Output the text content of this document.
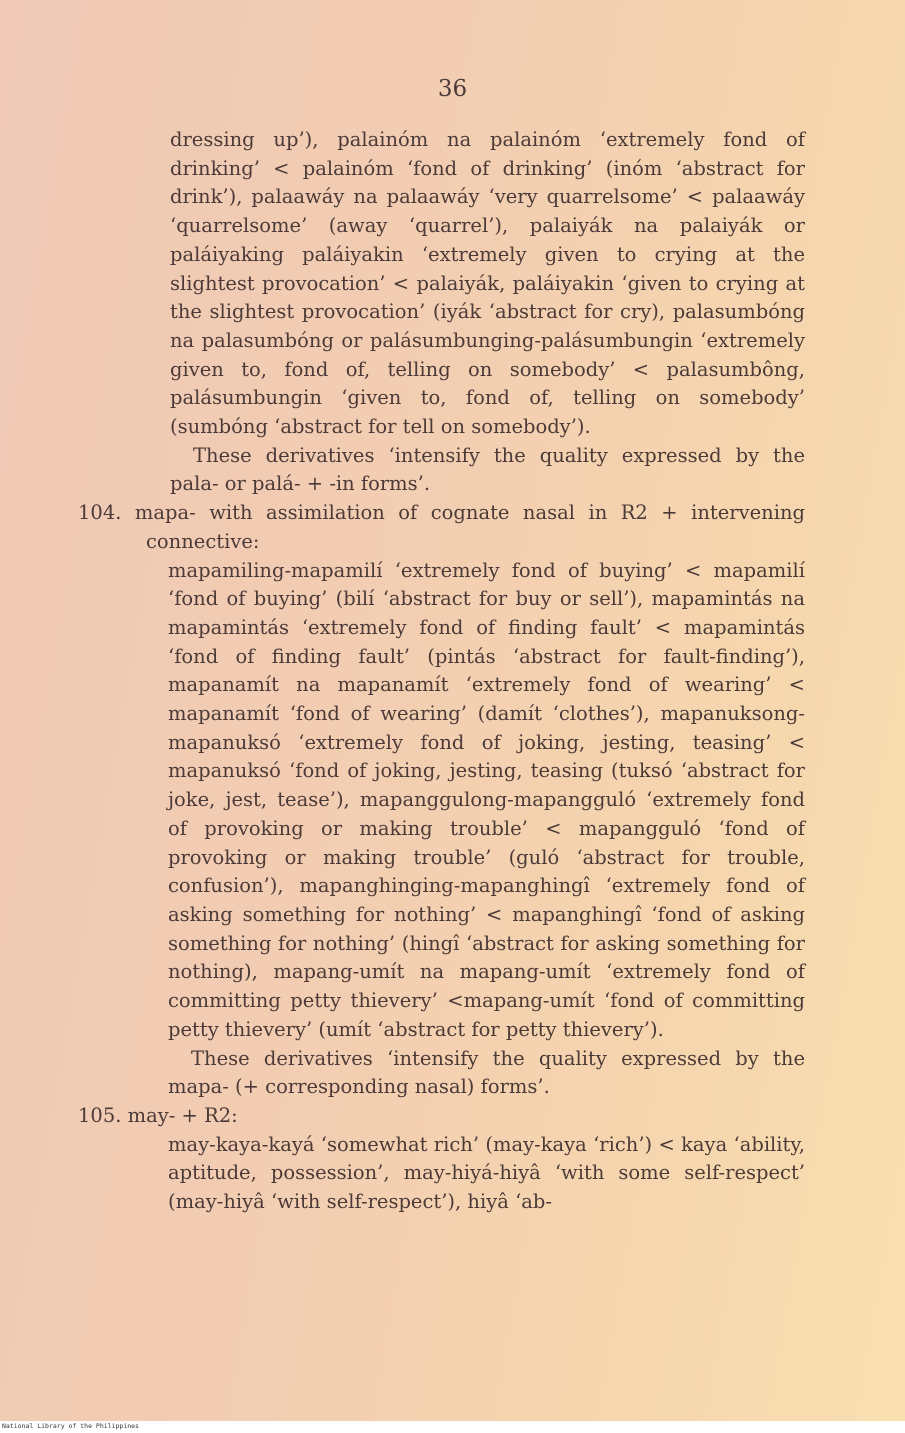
36

dressing up’), palainóm na palainóm ‘extremely fond of drinking’ < palainóm ‘fond of drinking’ (inóm ‘abstract for drink’), palaawáy na palaawáy ‘very quarrelsome’ < palaawáy ‘quarrelsome’ (away ‘quarrel’), palaiyák na palaiyák or paláiyaking paláiyakin ‘extremely given to crying at the slightest provocation’ < palaiyák, paláiyakin ‘given to crying at the slightest provocation’ (iyák ‘abstract for cry), palasumbóng na palasumbóng or palásumbunging-palásumbungin ‘extremely given to, fond of, telling on somebody’ < palasumbông, palásumbungin ‘given to, fond of, telling on somebody’ (sumbóng ‘abstract for tell on somebody’).

These derivatives ‘intensify the quality expressed by the pala- or palá- + -in forms’.

104. mapa- with assimilation of cognate nasal in R2 + intervening connective:

mapamiling-mapamilí ‘extremely fond of buying’ < mapamilí ‘fond of buying’ (bilí ‘abstract for buy or sell’), mapamintás na mapamintás ‘extremely fond of finding fault’ < mapamintás ‘fond of finding fault’ (pintás ‘abstract for fault-finding’), mapanamít na mapanamít ‘extremely fond of wearing’ < mapanamít ‘fond of wearing’ (damít ‘clothes’), mapanuksong-mapanuksó ‘extremely fond of joking, jesting, teasing’ < mapanuksó ‘fond of joking, jesting, teasing (tuksó ‘abstract for joke, jest, tease’), mapanggulong-mapangguló ‘extremely fond of provoking or making trouble’ < mapangguló ‘fond of provoking or making trouble’ (guló ‘abstract for trouble, confusion’), mapanghinging-mapanghingî ‘extremely fond of asking something for nothing’ < mapanghingî ‘fond of asking something for nothing’ (hingî ‘abstract for asking something for nothing), mapang-umít na mapang-umít ‘extremely fond of committing petty thievery’ <mapang-umít ‘fond of committing petty thievery’ (umít ‘abstract for petty thievery’).

These derivatives ‘intensify the quality expressed by the mapa- (+ corresponding nasal) forms’.

105. may- + R2:

may-kaya-kayá ‘somewhat rich’ (may-kaya ‘rich’) < kaya ‘ability, aptitude, possession’, may-hiyá-hiyâ ‘with some self-respect’ (may-hiyâ ‘with self-respect’), hiyâ ‘ab-

National Library of the Philippines
